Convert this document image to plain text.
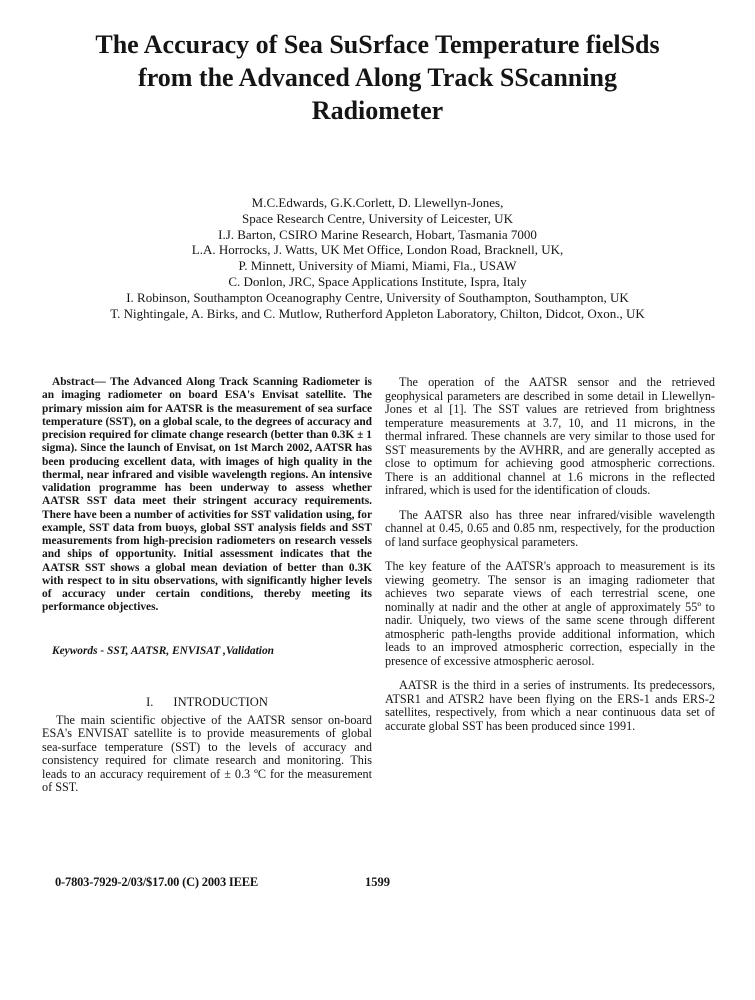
The Accuracy of Sea SuSrface Temperature fielSds
from the Advanced Along Track SScanning
Radiometer
M.C.Edwards, G.K.Corlett, D. Llewellyn-Jones,
Space Research Centre, University of Leicester, UK
I.J. Barton, CSIRO Marine Research, Hobart, Tasmania 7000
L.A. Horrocks, J. Watts, UK Met Office, London Road, Bracknell, UK,
P. Minnett, University of Miami, Miami, Fla., USAW
C. Donlon, JRC, Space Applications Institute, Ispra, Italy
I. Robinson, Southampton Oceanography Centre, University of Southampton, Southampton, UK
T. Nightingale, A. Birks, and C. Mutlow, Rutherford Appleton Laboratory, Chilton, Didcot, Oxon., UK

Abstract— The Advanced Along Track Scanning Radiometer is an imaging radiometer on board ESA's Envisat satellite. The primary mission aim for AATSR is the measurement of sea surface temperature (SST), on a global scale, to the degrees of accuracy and precision required for climate change research (better than 0.3K ± 1 sigma). Since the launch of Envisat, on 1st March 2002, AATSR has been producing excellent data, with images of high quality in the thermal, near infrared and visible wavelength regions. An intensive validation programme has been underway to assess whether AATSR SST data meet their stringent accuracy requirements. There have been a number of activities for SST validation using, for example, SST data from buoys, global SST analysis fields and SST measurements from high-precision radiometers on research vessels and ships of opportunity. Initial assessment indicates that the AATSR SST shows a global mean deviation of better than 0.3K with respect to in situ observations, with significantly higher levels of accuracy under certain conditions, thereby meeting its performance objectives.

Keywords - SST, AATSR, ENVISAT ,Validation

I. INTRODUCTION

The main scientific objective of the AATSR sensor on-board ESA's ENVISAT satellite is to provide measurements of global sea-surface temperature (SST) to the levels of accuracy and consistency required for climate research and monitoring. This leads to an accuracy requirement of ± 0.3 ºC for the measurement of SST.

The operation of the AATSR sensor and the retrieved geophysical parameters are described in some detail in Llewellyn-Jones et al [1]. The SST values are retrieved from brightness temperature measurements at 3.7, 10, and 11 microns, in the thermal infrared. These channels are very similar to those used for SST measurements by the AVHRR, and are generally accepted as close to optimum for achieving good atmospheric corrections. There is an additional channel at 1.6 microns in the reflected infrared, which is used for the identification of clouds.

The AATSR also has three near infrared/visible wavelength channel at 0.45, 0.65 and 0.85 nm, respectively, for the production of land surface geophysical parameters.

The key feature of the AATSR's approach to measurement is its viewing geometry. The sensor is an imaging radiometer that achieves two separate views of each terrestrial scene, one nominally at nadir and the other at angle of approximately 55º to nadir. Uniquely, two views of the same scene through different atmospheric path-lengths provide additional information, which leads to an improved atmospheric correction, especially in the presence of excessive atmospheric aerosol.

AATSR is the third in a series of instruments. Its predecessors, ATSR1 and ATSR2 have been flying on the ERS-1 ands ERS-2 satellites, respectively, from which a near continuous data set of accurate global SST has been produced since 1991.

0-7803-7929-2/03/$17.00 (C) 2003 IEEE	1599
